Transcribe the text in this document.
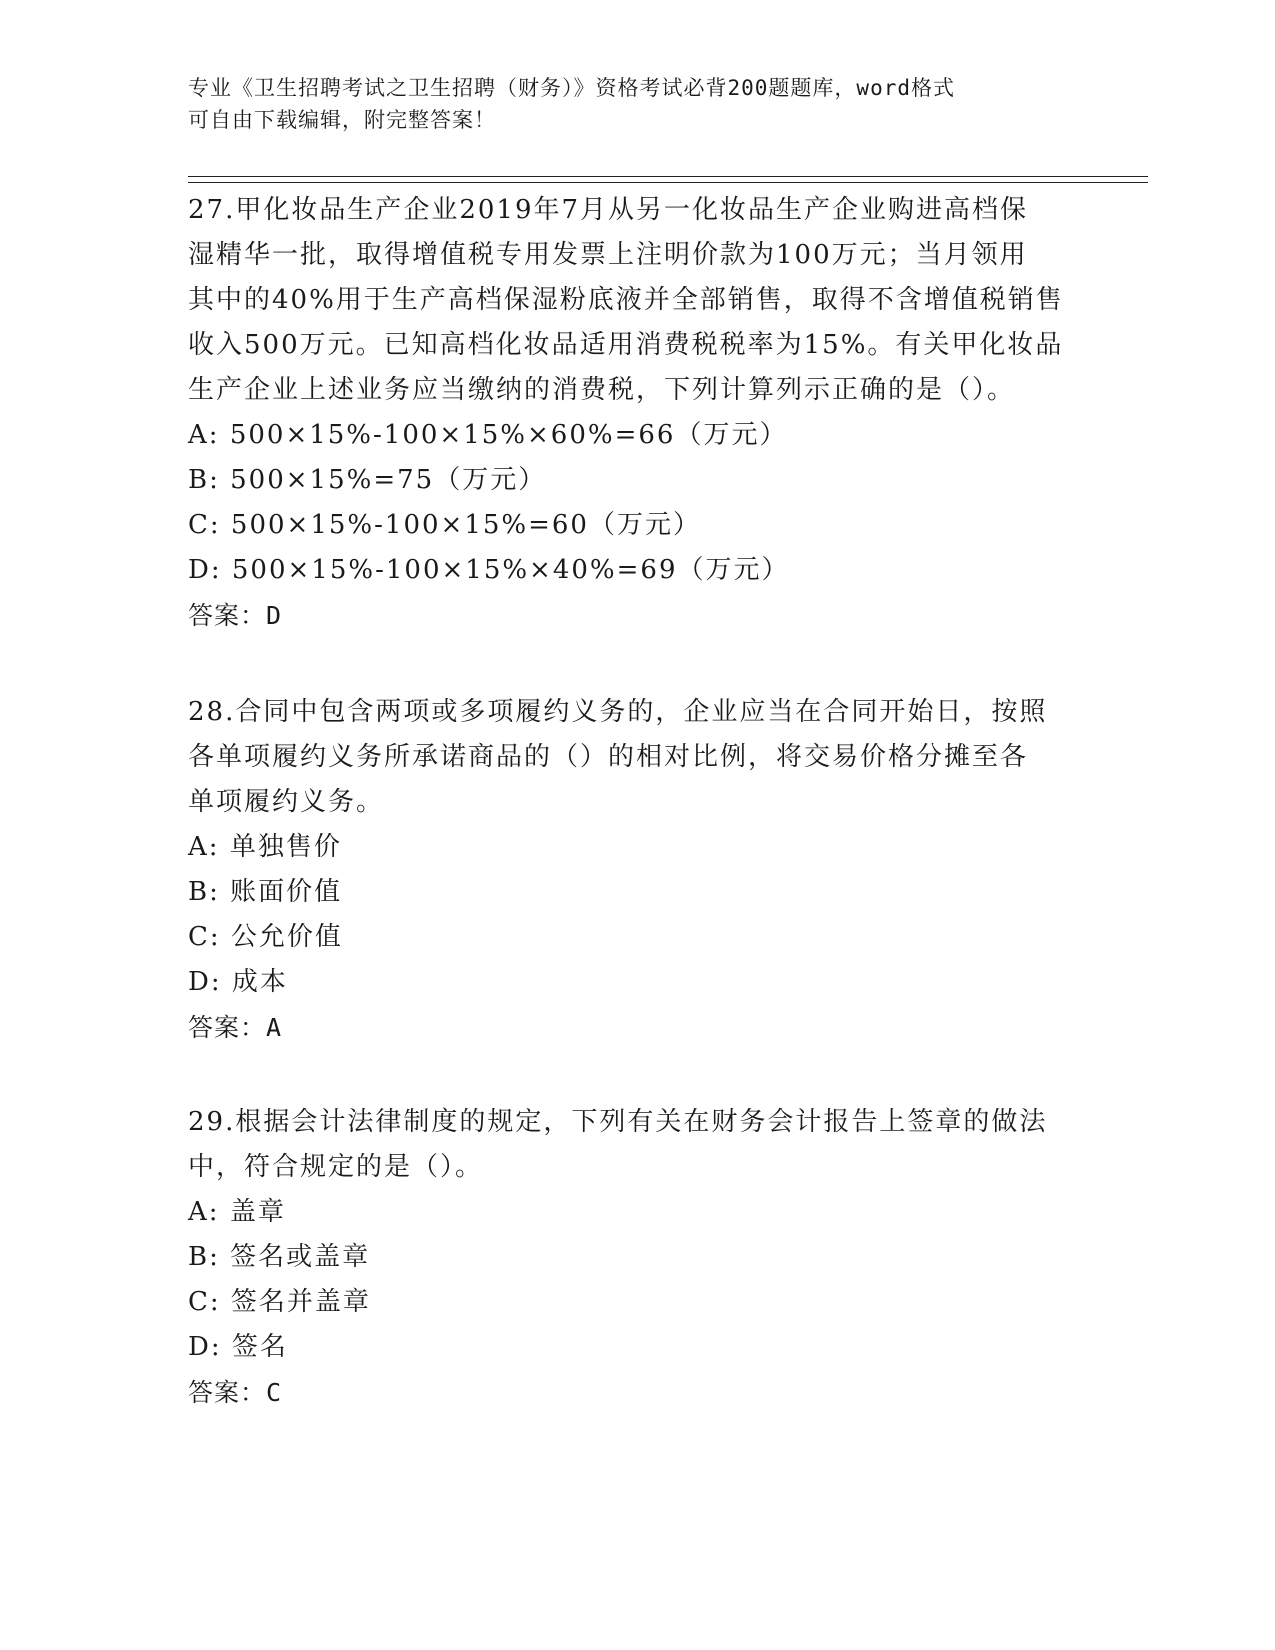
专业《卫生招聘考试之卫生招聘（财务）》资格考试必背200题题库，word格式
可自由下载编辑，附完整答案！
27.甲化妆品生产企业2019年7月从另一化妆品生产企业购进高档保
湿精华一批，取得增值税专用发票上注明价款为100万元；当月领用
其中的40%用于生产高档保湿粉底液并全部销售，取得不含增值税销售
收入500万元。已知高档化妆品适用消费税税率为15%。有关甲化妆品
生产企业上述业务应当缴纳的消费税，下列计算列示正确的是（）。
A: 500×15%-100×15%×60%=66（万元）
B: 500×15%=75（万元）
C: 500×15%-100×15%=60（万元）
D: 500×15%-100×15%×40%=69（万元）
答案：D
28.合同中包含两项或多项履约义务的，企业应当在合同开始日，按照
各单项履约义务所承诺商品的（）的相对比例，将交易价格分摊至各
单项履约义务。
A: 单独售价
B: 账面价值
C: 公允价值
D: 成本
答案：A
29.根据会计法律制度的规定，下列有关在财务会计报告上签章的做法
中，符合规定的是（）。
A: 盖章
B: 签名或盖章
C: 签名并盖章
D: 签名
答案：C
